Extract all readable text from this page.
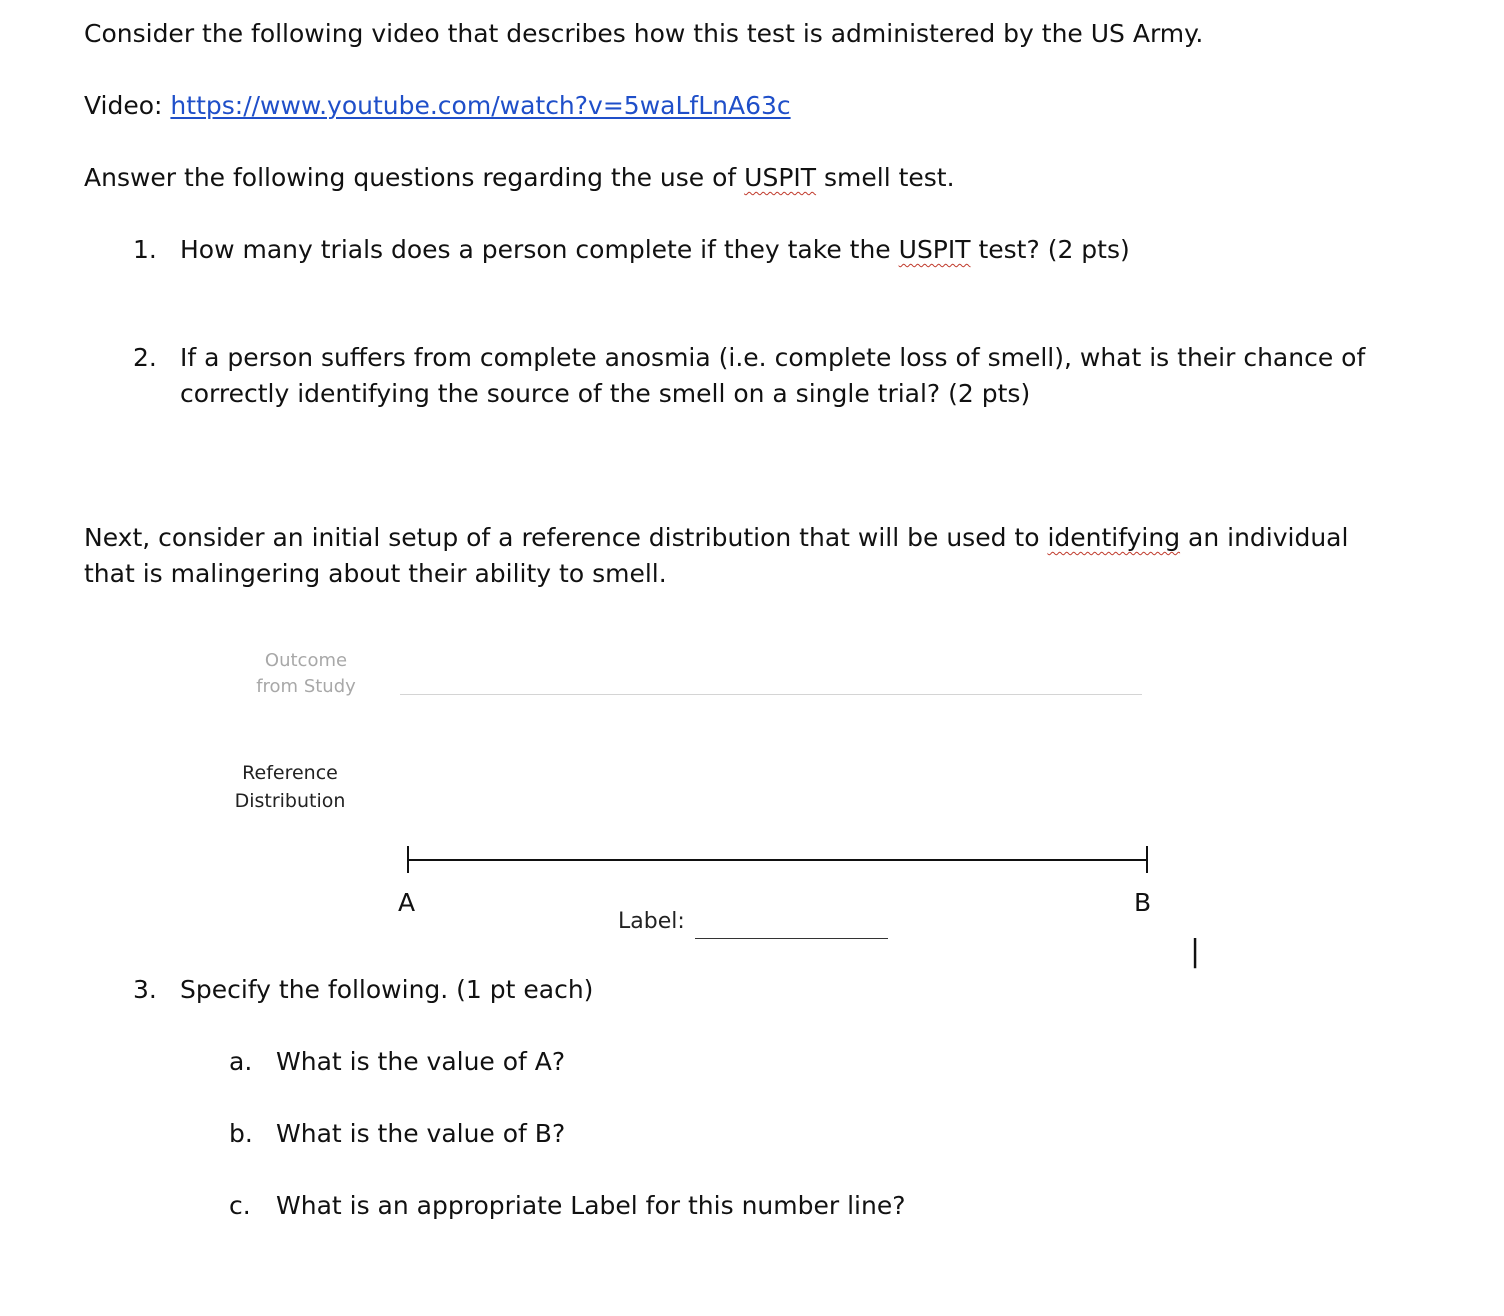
Consider the following video that describes how this test is administered by the US Army.
Video: https://www.youtube.com/watch?v=5waLfLnA63c
Answer the following questions regarding the use of USPIT smell test.
1. How many trials does a person complete if they take the USPIT test? (2 pts)
2. If a person suffers from complete anosmia (i.e. complete loss of smell), what is their chance of
correctly identifying the source of the smell on a single trial? (2 pts)
Next, consider an initial setup of a reference distribution that will be used to identifying an individual
that is malingering about their ability to smell.
Outcome
from Study
Reference
Distribution
A	B
Label:
|
3. Specify the following. (1 pt each)
a. What is the value of A?
b. What is the value of B?
c. What is an appropriate Label for this number line?
